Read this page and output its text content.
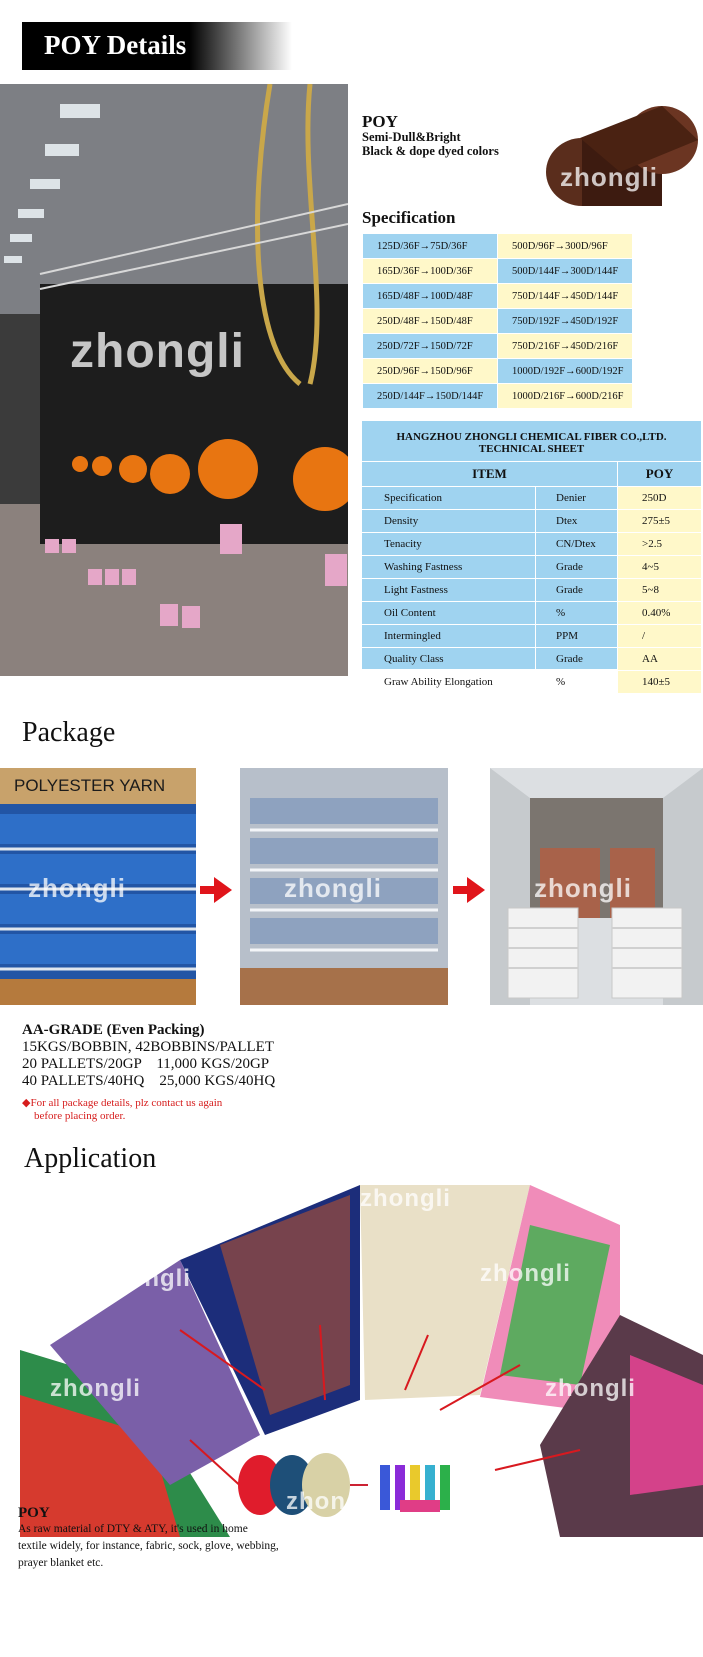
POY Details
zhongli
POY
Semi-Dull&Bright
Black & dope dyed colors
zhongli
Specification
125D/36F→75D/36F	500D/96F→300D/96F
165D/36F→100D/36F	500D/144F→300D/144F
165D/48F→100D/48F	750D/144F→450D/144F
250D/48F→150D/48F	750D/192F→450D/192F
250D/72F→150D/72F	750D/216F→450D/216F
250D/96F→150D/96F	1000D/192F→600D/192F
250D/144F→150D/144F	1000D/216F→600D/216F
HANGZHOU ZHONGLI CHEMICAL FIBER CO.,LTD.
TECHNICAL SHEET
ITEM		POY
Specification	Denier	250D
Density	Dtex	275±5
Tenacity	CN/Dtex	>2.5
Washing Fastness	Grade	4~5
Light Fastness	Grade	5~8
Oil Content	%	0.40%
Intermingled	PPM	/
Quality Class	Grade	AA
Graw Ability Elongation	%	140±5
Package
POLYESTER YARN
zhongli	zhongli	zhongli
AA-GRADE (Even Packing)
15KGS/BOBBIN, 42BOBBINS/PALLET
20 PALLETS/20GP    11,000 KGS/20GP
40 PALLETS/40HQ    25,000 KGS/40HQ
◆For all package details, plz contact us again
before placing order.
Application
zhongli zhongli
zhongli	zhongli
zhongli	zhongli
zhongli
POY
As raw material of DTY & ATY, it's used in home
textile widely, for instance, fabric, sock, glove, webbing,
prayer blanket etc.
